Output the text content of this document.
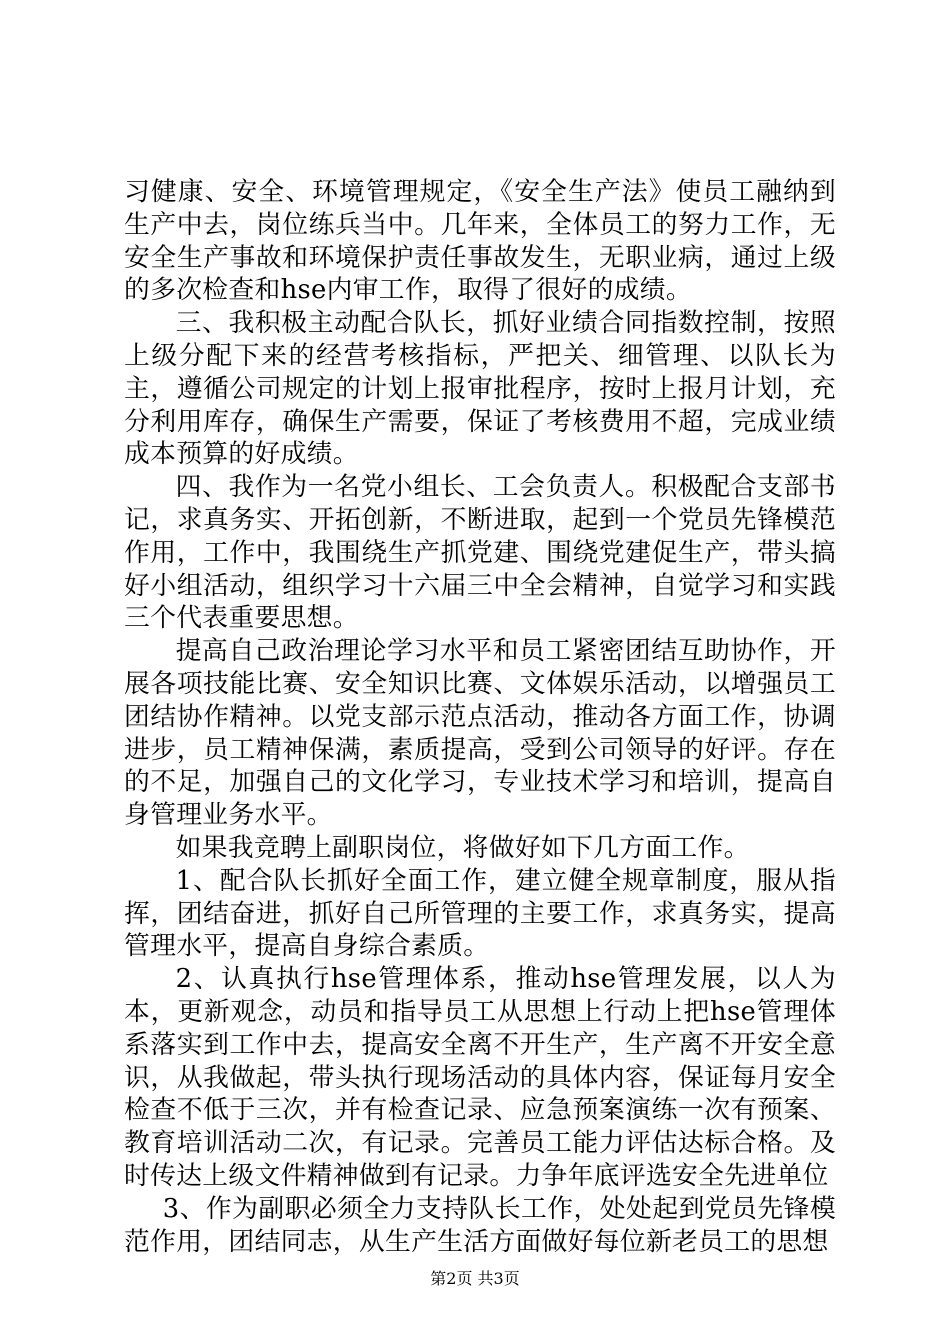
习健康、安全、环境管理规定，《安全生产法》使员工融纳到生产中去，岗位练兵当中。几年来，全体员工的努力工作，无安全生产事故和环境保护责任事故发生，无职业病，通过上级的多次检查和hse内审工作，取得了很好的成绩。

三、我积极主动配合队长，抓好业绩合同指数控制，按照上级分配下来的经营考核指标，严把关、细管理、以队长为主，遵循公司规定的计划上报审批程序，按时上报月计划，充分利用库存，确保生产需要，保证了考核费用不超，完成业绩成本预算的好成绩。

四、我作为一名党小组长、工会负责人。积极配合支部书记，求真务实、开拓创新，不断进取，起到一个党员先锋模范作用，工作中，我围绕生产抓党建、围绕党建促生产，带头搞好小组活动，组织学习十六届三中全会精神，自觉学习和实践三个代表重要思想。

提高自己政治理论学习水平和员工紧密团结互助协作，开展各项技能比赛、安全知识比赛、文体娱乐活动，以增强员工团结协作精神。以党支部示范点活动，推动各方面工作，协调进步，员工精神保满，素质提高，受到公司领导的好评。存在的不足，加强自己的文化学习，专业技术学习和培训，提高自身管理业务水平。

如果我竞聘上副职岗位，将做好如下几方面工作。

1、配合队长抓好全面工作，建立健全规章制度，服从指挥，团结奋进，抓好自己所管理的主要工作，求真务实，提高管理水平，提高自身综合素质。

2、认真执行hse管理体系，推动hse管理发展，以人为本，更新观念，动员和指导员工从思想上行动上把hse管理体系落实到工作中去，提高安全离不开生产，生产离不开安全意识，从我做起，带头执行现场活动的具体内容，保证每月安全检查不低于三次，并有检查记录、应急预案演练一次有预案、教育培训活动二次，有记录。完善员工能力评估达标合格。及时传达上级文件精神做到有记录。力争年底评选安全先进单位

3、作为副职必须全力支持队长工作，处处起到党员先锋模范作用，团结同志，从生产生活方面做好每位新老员工的思想

第2页 共3页
